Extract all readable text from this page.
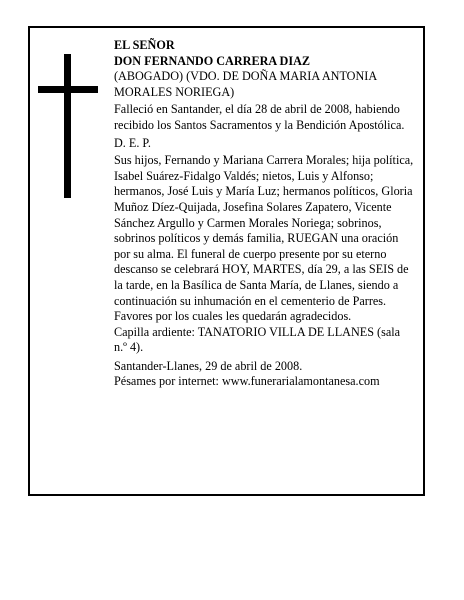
EL SEÑOR

DON FERNANDO CARRERA DIAZ

(ABOGADO) (VDO. DE DOÑA MARIA ANTONIA MORALES NORIEGA)

Falleció en Santander, el día 28 de abril de 2008, habiendo recibido los Santos Sacramentos y la Bendición Apostólica.

D. E. P.

Sus hijos, Fernando y Mariana Carrera Morales; hija política, Isabel Suárez-Fidalgo Valdés; nietos, Luis y Alfonso; hermanos, José Luis y María Luz; hermanos políticos, Gloria Muñoz Díez-Quijada, Josefina Solares Zapatero, Vicente Sánchez Argullo y Carmen Morales Noriega; sobrinos, sobrinos políticos y demás familia, RUEGAN una oración por su alma. El funeral de cuerpo presente por su eterno descanso se celebrará HOY, MARTES, día 29, a las SEIS de la tarde, en la Basílica de Santa María, de Llanes, siendo a continuación su inhumación en el cementerio de Parres. Favores por los cuales les quedarán agradecidos.

Capilla ardiente: TANATORIO VILLA DE LLANES (sala n.º 4).

Santander-Llanes, 29 de abril de 2008.

Pésames por internet: www.funerarialamontanesa.com
